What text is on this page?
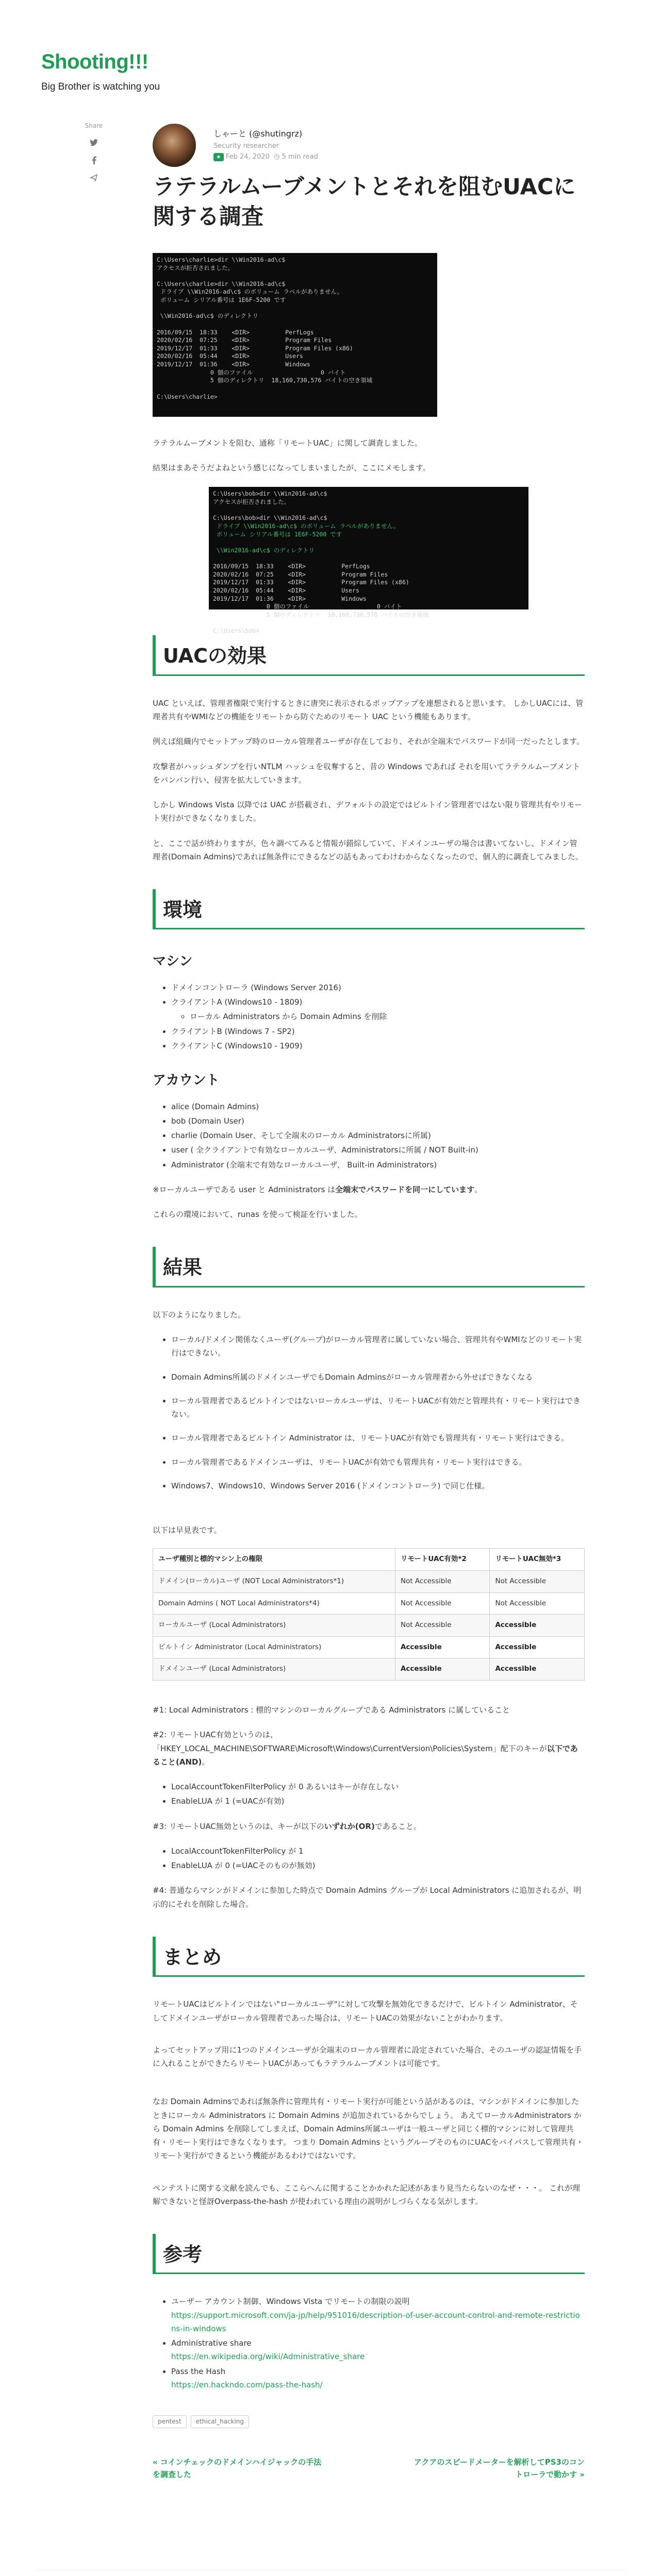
Shooting!!!
Big Brother is watching you
Share
しゃーと (@shutingrz)
Security researcher
★ Feb 24, 2020 ◷ 5 min read
ラテラルムーブメントとそれを阻むUACに関する調査
C:\Users\charlie>dir \\Win2016-ad\c$
アクセスが拒否されました。

C:\Users\charlie>dir \\Win2016-ad\c$
ドライブ \\Win2016-ad\c$ のボリューム ラベルがありません。
ボリューム シリアル番号は 1E6F-5200 です

\\Win2016-ad\c$ のディレクトリ

2016/09/15  18:33    <DIR>          PerfLogs
2020/02/16  07:25    <DIR>          Program Files
2019/12/17  01:33    <DIR>          Program Files (x86)
2020/02/16  05:44    <DIR>          Users
2019/12/17  01:36    <DIR>          Windows
0 個のファイル                   0 バイト
5 個のディレクトリ  18,160,730,576 バイトの空き領域

C:\Users\charlie>

ラテラルムーブメントを阻む、通称「リモートUAC」に関して調査しました。

結果はまあそうだよねという感じになってしまいましたが、ここにメモします。

C:\Users\bob>dir \\Win2016-ad\c$
アクセスが拒否されました。

C:\Users\bob>dir \\Win2016-ad\c$
ドライブ \\Win2016-ad\c$ のボリューム ラベルがありません。
ボリューム シリアル番号は 1E6F-5200 です

\\Win2016-ad\c$ のディレクトリ

2016/09/15  18:33    <DIR>          PerfLogs
2020/02/16  07:25    <DIR>          Program Files
2019/12/17  01:33    <DIR>          Program Files (x86)
2020/02/16  05:44    <DIR>          Users
2019/12/17  01:36    <DIR>          Windows
0 個のファイル                   0 バイト
5 個のディレクトリ  18,160,730,576 バイトの空き領域

C:\Users\bob>
UACの効果

UAC といえば、管理者権限で実行するときに唐突に表示されるポップアップを連想されると思います。 しかしUACには、管理者共有やWMIなどの機能をリモートから防ぐためのリモート UAC という機能もあります。

例えば組織内でセットアップ時のローカル管理者ユーザが存在しており、それが全端末でパスワードが同一だったとします。

攻撃者がハッシュダンプを行いNTLM ハッシュを収奪すると、昔の Windows であれば それを用いてラテラルムーブメントをバンバン行い、侵害を拡大していきます。

しかし Windows Vista 以降では UAC が搭載され、デフォルトの設定ではビルトイン管理者ではない限り管理共有やリモート実行ができなくなりました。

と、ここで話が終わりますが、色々調べてみると情報が錯綜していて、ドメインユーザの場合は書いてないし、ドメイン管理者(Domain Admins)であれば無条件にできるなどの話もあってわけわからなくなったので、個人的に調査してみました。

環境
マシン
• ドメインコントローラ (Windows Server 2016)
• クライアントA (Windows10 - 1809)
◦ ローカル Administrators から Domain Admins を削除
• クライアントB (Windows 7 - SP2)
• クライアントC (Windows10 - 1909)
アカウント
• alice (Domain Admins)
• bob (Domain User)
• charlie (Domain User、そして全端末のローカル Administratorsに所属)
• user ( 全クライアントで有効なローカルユーザ、Administratorsに所属 / NOT Built-in)
• Administrator (全端末で有効なローカルユーザ、 Built-in Administrators)

※ローカルユーザである user と Administrators は全端末でパスワードを同一にしています。

これらの環境において、runas を使って検証を行いました。

結果

以下のようになりました。

• ローカル/ドメイン関係なくユーザ(グループ)がローカル管理者に属していない場合、管理共有やWMIなどのリモート実行はできない。
• Domain Admins所属のドメインユーザでもDomain Adminsがローカル管理者から外せばできなくなる
• ローカル管理者であるビルトインではないローカルユーザは、リモートUACが有効だと管理共有・リモート実行はできない。
• ローカル管理者であるビルトイン Administrator は、リモートUACが有効でも管理共有・リモート実行はできる。
• ローカル管理者であるドメインユーザは、リモートUACが有効でも管理共有・リモート実行はできる。
• Windows7、Windows10、Windows Server 2016 (ドメインコントローラ) で同じ仕様。

以下は早見表です。

ユーザ種別と標的マシン上の権限	リモートUAC有効*2	リモートUAC無効*3
ドメイン(ローカル)ユーザ (NOT Local Administrators*1)	Not Accessible	Not Accessible
Domain Admins ( NOT Local Administrators*4)	Not Accessible	Not Accessible
ローカルユーザ (Local Administrators)	Not Accessible	Accessible
ビルトイン Administrator (Local Administrators)	Accessible	Accessible
ドメインユーザ (Local Administrators)	Accessible	Accessible

#1: Local Administrators : 標的マシンのローカルグループである Administrators に属していること

#2: リモートUAC有効というのは、「HKEY_LOCAL_MACHINE\SOFTWARE\Microsoft\Windows\CurrentVersion\Policies\System」配下のキーが以下であること(AND)。

• LocalAccountTokenFilterPolicy が 0 あるいはキーが存在しない
• EnableLUA が 1 (=UACが有効)

#3: リモートUAC無効というのは、キーが以下のいずれか(OR)であること。

• LocalAccountTokenFilterPolicy が 1
• EnableLUA が 0 (=UACそのものが無効)

#4: 普通ならマシンがドメインに参加した時点で Domain Admins グループが Local Administrators に追加されるが、明示的にそれを削除した場合。

まとめ

リモートUACはビルトインではない"ローカルユーザ"に対して攻撃を無効化できるだけで、ビルトイン Administrator、そしてドメインユーザがローカル管理者であった場合は、リモートUACの効果がないことがわかります。

よってセットアップ用に1つのドメインユーザが全端末のローカル管理者に設定されていた場合、そのユーザの認証情報を手に入れることができたらリモートUACがあってもラテラルムーブメントは可能です。

なお Domain Adminsであれば無条件に管理共有・リモート実行が可能という話があるのは、マシンがドメインに参加したときにローカル Administrators に Domain Admins が追加されているからでしょう。 あえてローカルAdministrators から Domain Admins を削除してしまえば、Domain Admins所属ユーザは一般ユーザと同じく標的マシンに対して管理共有・リモート実行はできなくなります。 つまり Domain Admins というグループそのものにUACをバイパスして管理共有・リモート実行ができるという機能があるわけではないです。

ペンテストに関する文献を読んでも、ここらへんに関することかかれた記述があまり見当たらないのなぜ・・・。 これが理解できないと怪訝Overpass-the-hash が使われている理由の説明がしづらくなる気がします。

参考
• ユーザー アカウント制御、Windows Vista でリモートの制限の説明
https://support.microsoft.com/ja-jp/help/951016/description-of-user-account-control-and-remote-restrictions-in-windows
• Administrative share
https://en.wikipedia.org/wiki/Administrative_share
• Pass the Hash
https://en.hackndo.com/pass-the-hash/
pentest ethical_hacking
« コインチェックのドメインハイジャックの手法を調査した
アクアのスピードメーターを解析してPS3のコントローラで動かす »
